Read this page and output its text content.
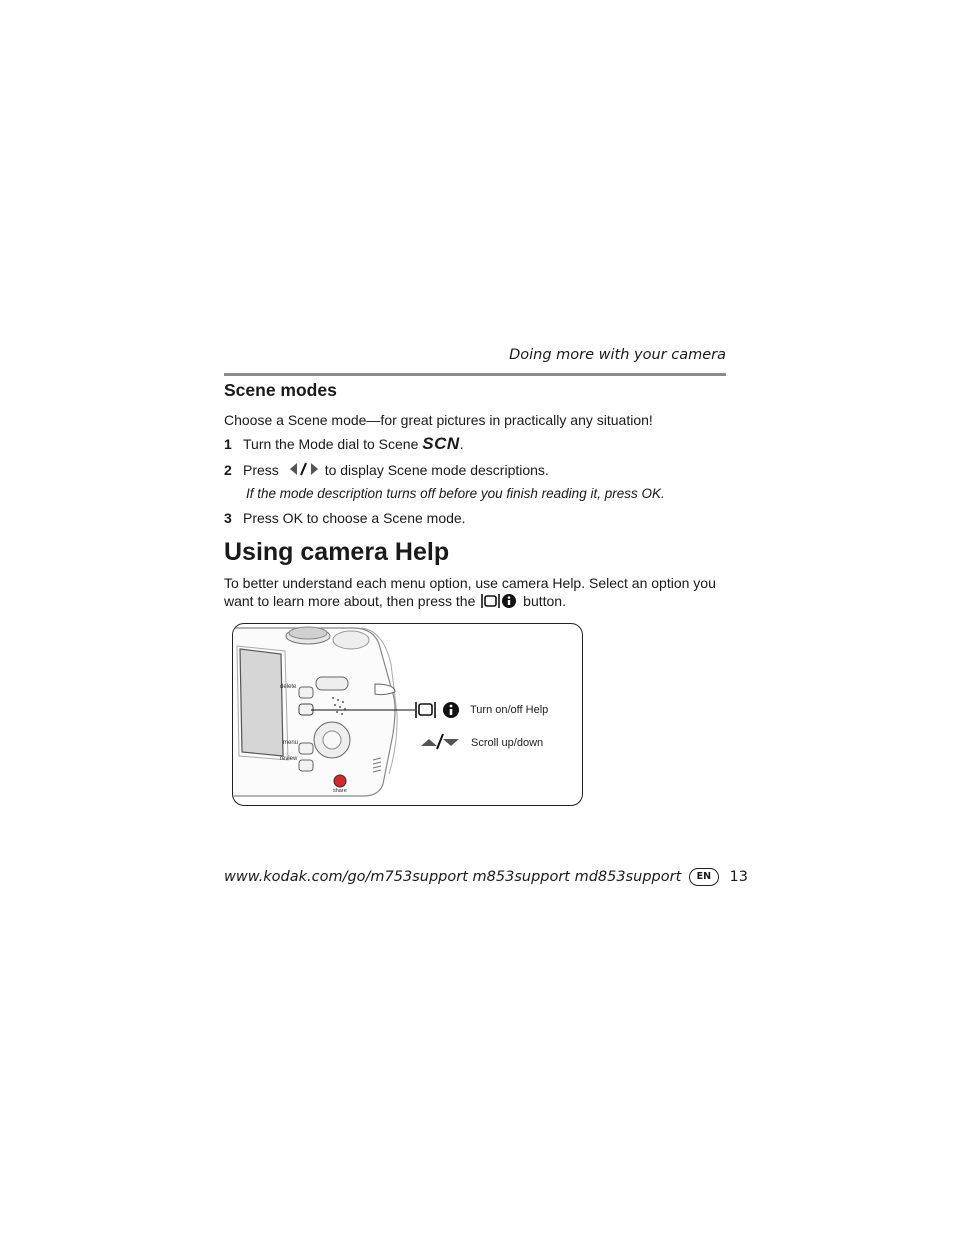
Doing more with your camera
Scene modes
Choose a Scene mode—for great pictures in practically any situation!
1 Turn the Mode dial to Scene SCN.
2 Press	to display Scene mode descriptions.
If the mode description turns off before you finish reading it, press OK.
3 Press OK to choose a Scene mode.
Using camera Help
To better understand each menu option, use camera Help. Select an option you want to learn more about, then press the	button.
delete
menu
review
share
Turn on/off Help
Scroll up/down
www.kodak.com/go/m753support m853support md853support EN 13
